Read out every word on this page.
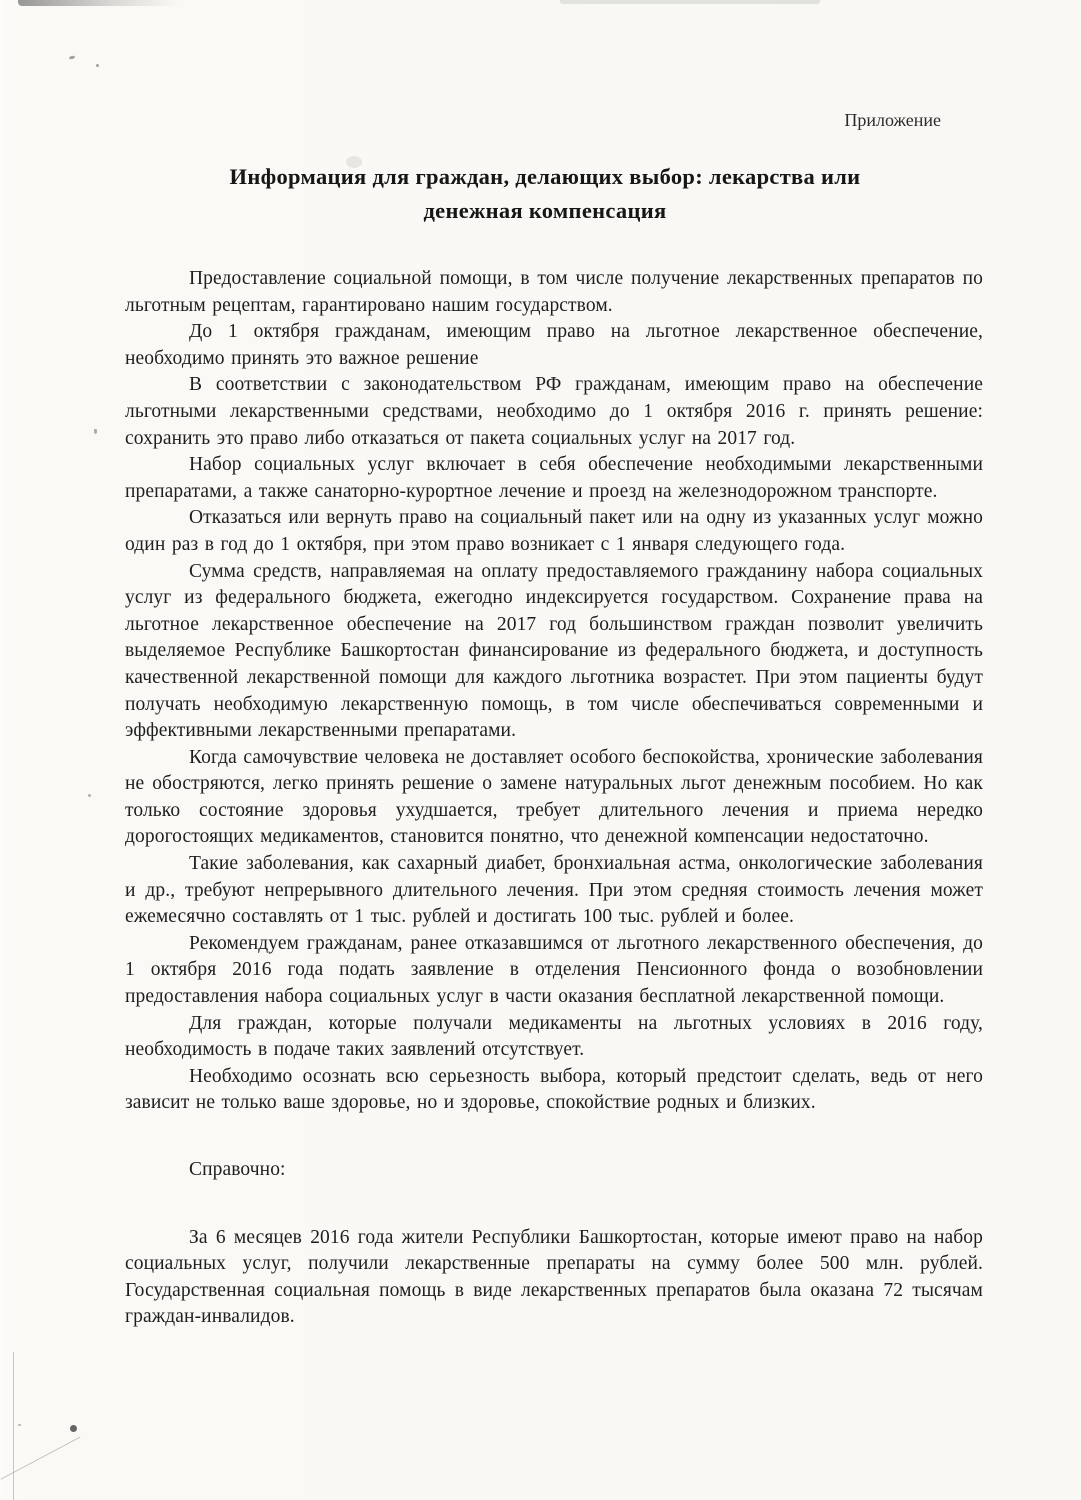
Приложение
Информация для граждан, делающих выбор: лекарства или
денежная компенсация

Предоставление социальной помощи, в том числе получение лекарственных препаратов по льготным рецептам, гарантировано нашим государством.

До 1 октября гражданам, имеющим право на льготное лекарственное обеспечение, необходимо принять это важное решение

В соответствии с законодательством РФ гражданам, имеющим право на обеспечение льготными лекарственными средствами, необходимо до 1 октября 2016 г. принять решение: сохранить это право либо отказаться от пакета социальных услуг на 2017 год.

Набор социальных услуг включает в себя обеспечение необходимыми лекарственными препаратами, а также санаторно-курортное лечение и проезд на железнодорожном транспорте.

Отказаться или вернуть право на социальный пакет или на одну из указанных услуг можно один раз в год до 1 октября, при этом право возникает с 1 января следующего года.

Сумма средств, направляемая на оплату предоставляемого гражданину набора социальных услуг из федерального бюджета, ежегодно индексируется государством. Сохранение права на льготное лекарственное обеспечение на 2017 год большинством граждан позволит увеличить выделяемое Республике Башкортостан финансирование из федерального бюджета, и доступность качественной лекарственной помощи для каждого льготника возрастет. При этом пациенты будут получать необходимую лекарственную помощь, в том числе обеспечиваться современными и эффективными лекарственными препаратами.

Когда самочувствие человека не доставляет особого беспокойства, хронические заболевания не обостряются, легко принять решение о замене натуральных льгот денежным пособием. Но как только состояние здоровья ухудшается, требует длительного лечения и приема нередко дорогостоящих медикаментов, становится понятно, что денежной компенсации недостаточно.

Такие заболевания, как сахарный диабет, бронхиальная астма, онкологические заболевания и др., требуют непрерывного длительного лечения. При этом средняя стоимость лечения может ежемесячно составлять от 1 тыс. рублей и достигать 100 тыс. рублей и более.

Рекомендуем гражданам, ранее отказавшимся от льготного лекарственного обеспечения, до 1 октября 2016 года подать заявление в отделения Пенсионного фонда о возобновлении предоставления набора социальных услуг в части оказания бесплатной лекарственной помощи.

Для граждан, которые получали медикаменты на льготных условиях в 2016 году, необходимость в подаче таких заявлений отсутствует.

Необходимо осознать всю серьезность выбора, который предстоит сделать, ведь от него зависит не только ваше здоровье, но и здоровье, спокойствие родных и близких.

Справочно:

За 6 месяцев 2016 года жители Республики Башкортостан, которые имеют право на набор социальных услуг, получили лекарственные препараты на сумму более 500 млн. рублей. Государственная социальная помощь в виде лекарственных препаратов была оказана 72 тысячам граждан-инвалидов.
